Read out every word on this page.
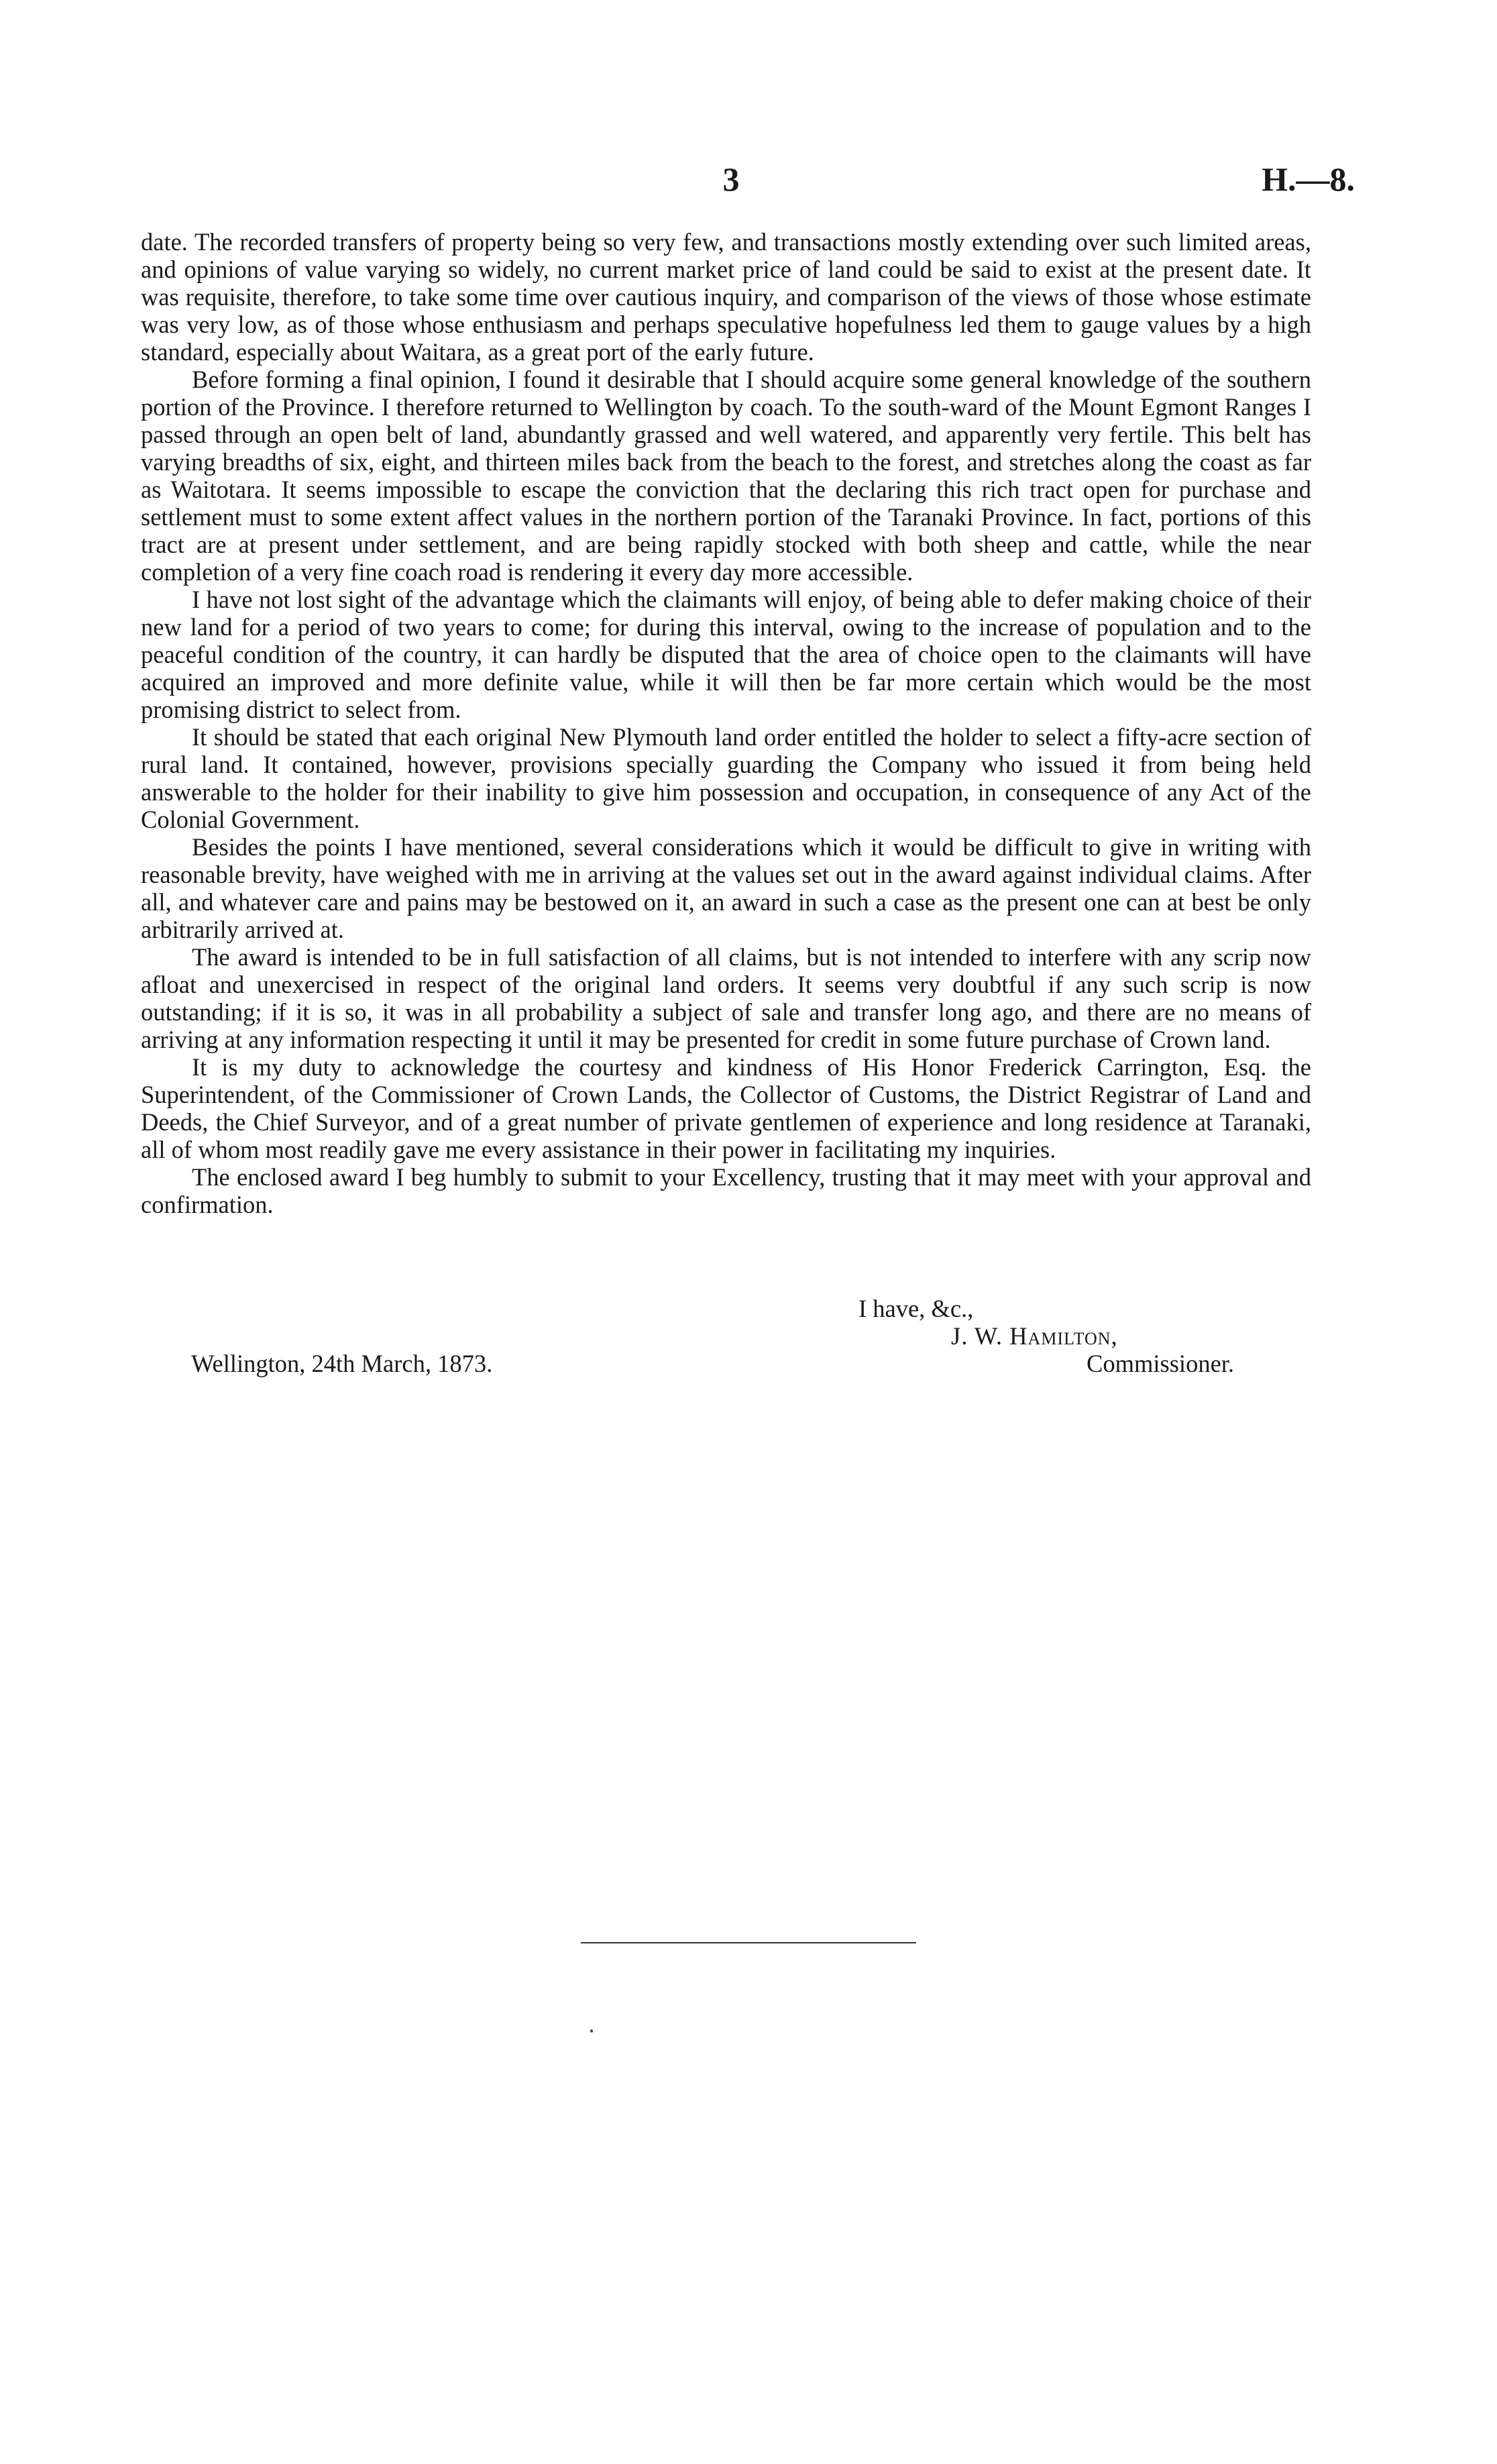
3	H.—8.

date. The recorded transfers of property being so very few, and transactions mostly extending over such limited areas, and opinions of value varying so widely, no current market price of land could be said to exist at the present date. It was requisite, therefore, to take some time over cautious inquiry, and comparison of the views of those whose estimate was very low, as of those whose enthusiasm and perhaps speculative hopefulness led them to gauge values by a high standard, especially about Waitara, as a great port of the early future.

Before forming a final opinion, I found it desirable that I should acquire some general knowledge of the southern portion of the Province. I therefore returned to Wellington by coach. To the south-ward of the Mount Egmont Ranges I passed through an open belt of land, abundantly grassed and well watered, and apparently very fertile. This belt has varying breadths of six, eight, and thirteen miles back from the beach to the forest, and stretches along the coast as far as Waitotara. It seems impossible to escape the conviction that the declaring this rich tract open for purchase and settlement must to some extent affect values in the northern portion of the Taranaki Province. In fact, portions of this tract are at present under settlement, and are being rapidly stocked with both sheep and cattle, while the near completion of a very fine coach road is rendering it every day more accessible.

I have not lost sight of the advantage which the claimants will enjoy, of being able to defer making choice of their new land for a period of two years to come; for during this interval, owing to the increase of population and to the peaceful condition of the country, it can hardly be disputed that the area of choice open to the claimants will have acquired an improved and more definite value, while it will then be far more certain which would be the most promising district to select from.

It should be stated that each original New Plymouth land order entitled the holder to select a fifty-acre section of rural land. It contained, however, provisions specially guarding the Company who issued it from being held answerable to the holder for their inability to give him possession and occupation, in consequence of any Act of the Colonial Government.

Besides the points I have mentioned, several considerations which it would be difficult to give in writing with reasonable brevity, have weighed with me in arriving at the values set out in the award against individual claims. After all, and whatever care and pains may be bestowed on it, an award in such a case as the present one can at best be only arbitrarily arrived at.

The award is intended to be in full satisfaction of all claims, but is not intended to interfere with any scrip now afloat and unexercised in respect of the original land orders. It seems very doubtful if any such scrip is now outstanding; if it is so, it was in all probability a subject of sale and transfer long ago, and there are no means of arriving at any information respecting it until it may be presented for credit in some future purchase of Crown land.

It is my duty to acknowledge the courtesy and kindness of His Honor Frederick Carrington, Esq. the Superintendent, of the Commissioner of Crown Lands, the Collector of Customs, the District Registrar of Land and Deeds, the Chief Surveyor, and of a great number of private gentlemen of experience and long residence at Taranaki, all of whom most readily gave me every assistance in their power in facilitating my inquiries.

The enclosed award I beg humbly to submit to your Excellency, trusting that it may meet with your approval and confirmation.

I have, &c.,
J. W. Hamilton,
Commissioner.
Wellington, 24th March, 1873.
